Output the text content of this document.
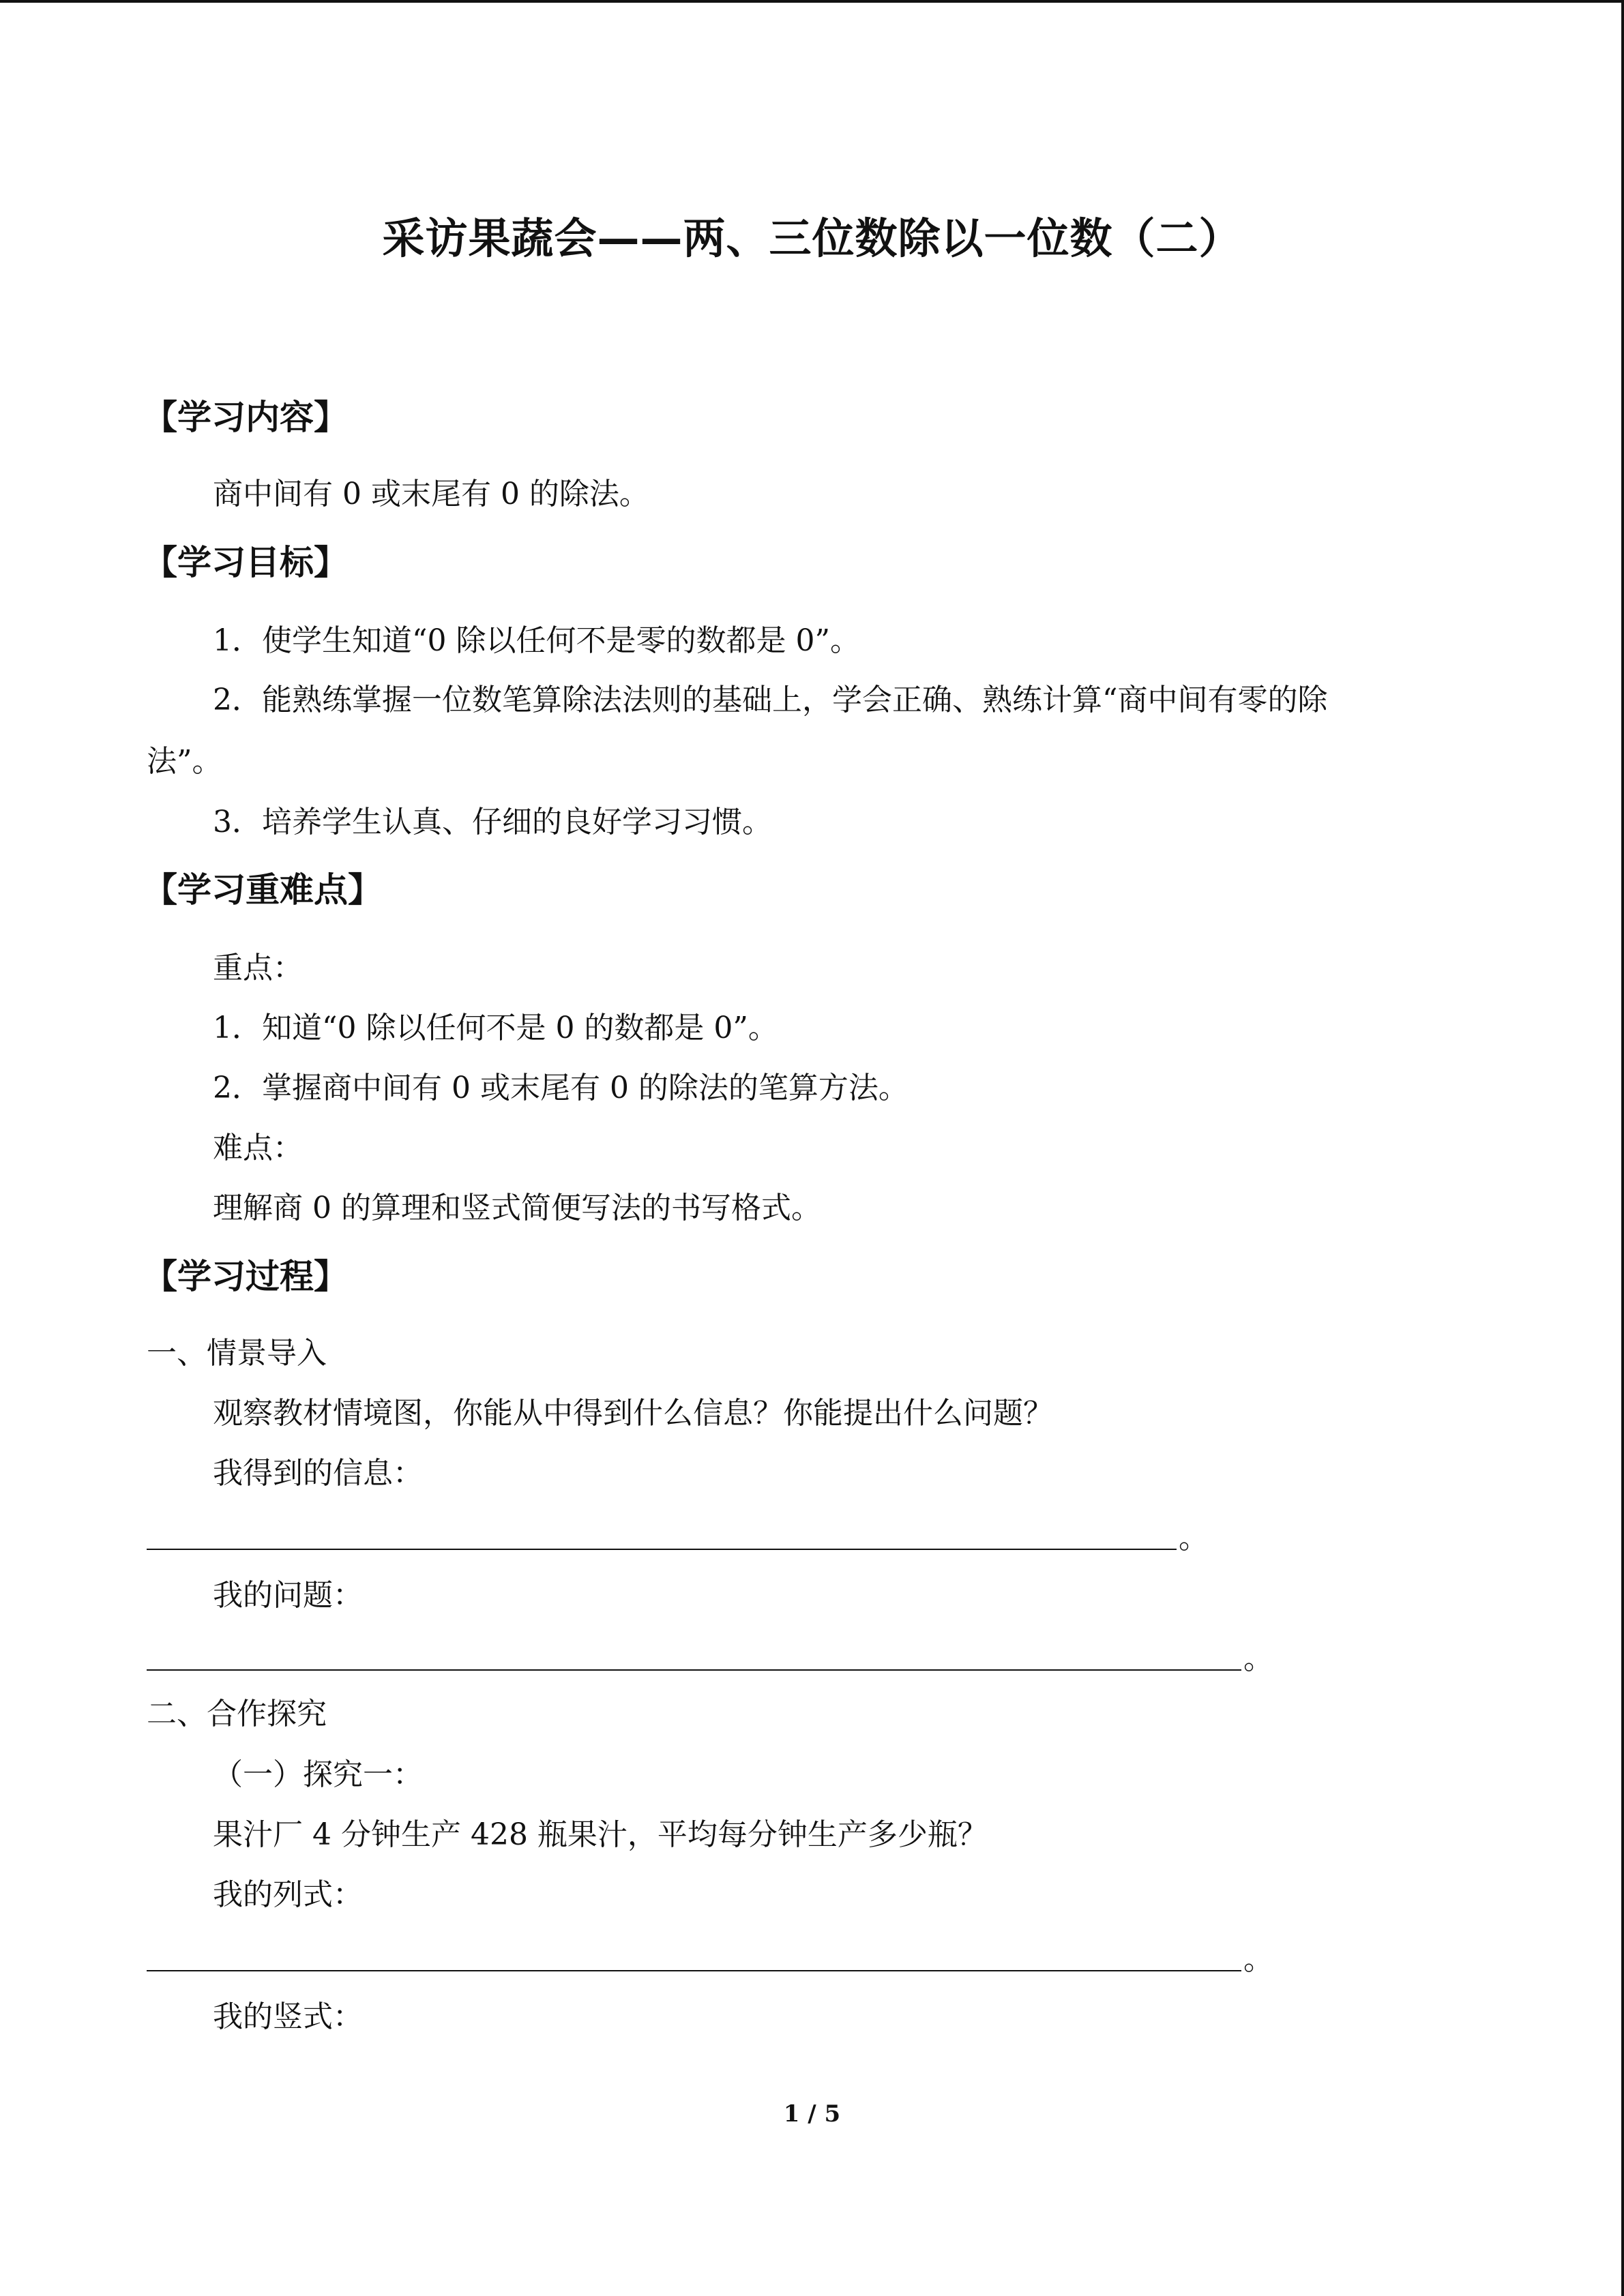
采访果蔬会——两、三位数除以一位数（二）
【学习内容】
商中间有 0 或末尾有 0 的除法。
【学习目标】
1．使学生知道“0 除以任何不是零的数都是 0”。
2．能熟练掌握一位数笔算除法法则的基础上，学会正确、熟练计算“商中间有零的除
法”。
3．培养学生认真、仔细的良好学习习惯。
【学习重难点】
重点：
1．知道“0 除以任何不是 0 的数都是 0”。
2．掌握商中间有 0 或末尾有 0 的除法的笔算方法。
难点：
理解商 0 的算理和竖式简便写法的书写格式。
【学习过程】
一、情景导入
观察教材情境图，你能从中得到什么信息？你能提出什么问题？
我得到的信息：
。
我的问题：
。
二、合作探究
（一）探究一：
果汁厂 4 分钟生产 428 瓶果汁，平均每分钟生产多少瓶？
我的列式：
。
我的竖式：
1 / 5
